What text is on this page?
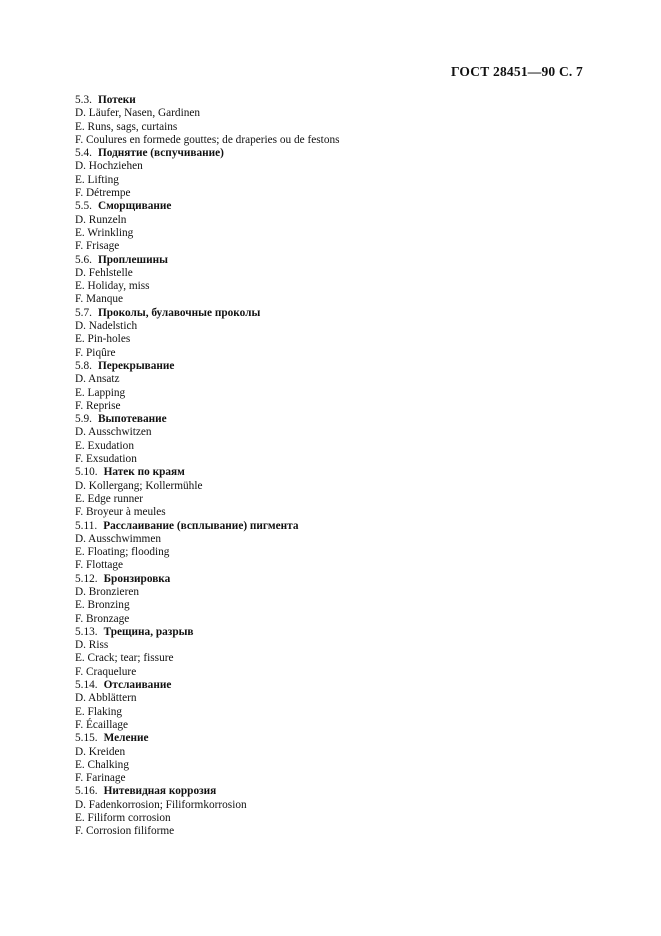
ГОСТ 28451—90 С. 7
5.3. Потеки
D. Läufer, Nasen, Gardinen
E. Runs, sags, curtains
F. Coulures en formede gouttes; de draperies ou de festons
5.4. Поднятие (вспучивание)
D. Hochziehen
E. Lifting
F. Détrempe
5.5. Сморщивание
D. Runzeln
E. Wrinkling
F. Frisage
5.6. Проплешины
D. Fehlstelle
E. Holiday, miss
F. Manque
5.7. Проколы, булавочные проколы
D. Nadelstich
E. Pin-holes
F. Piqûre
5.8. Перекрывание
D. Ansatz
E. Lapping
F. Reprise
5.9. Выпотевание
D. Ausschwitzen
E. Exudation
F. Exsudation
5.10. Натек по краям
D. Kollergang; Kollermühle
E. Edge runner
F. Broyeur à meules
5.11. Расслаивание (всплывание) пигмента
D. Ausschwimmen
E. Floating; flooding
F. Flottage
5.12. Бронзировка
D. Bronzieren
E. Bronzing
F. Bronzage
5.13. Трещина, разрыв
D. Riss
E. Crack; tear; fissure
F. Craquelure
5.14. Отслаивание
D. Abblättern
E. Flaking
F. Écaillage
5.15. Меление
D. Kreiden
E. Chalking
F. Farinage
5.16. Нитевидная коррозия
D. Fadenkorrosion; Filiformkorrosion
E. Filiform corrosion
F. Corrosion filiforme
